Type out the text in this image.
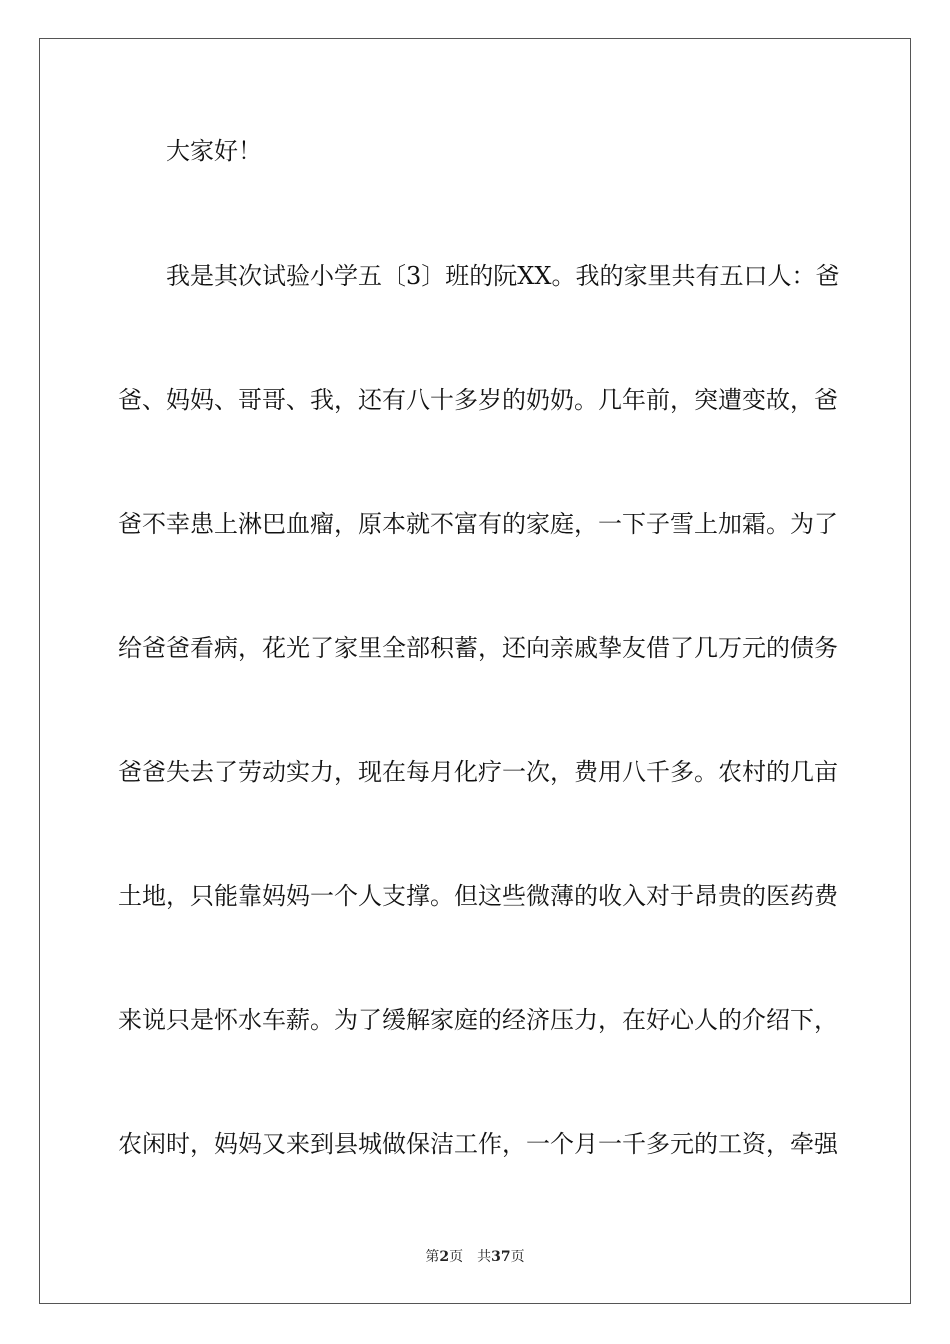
大家好！
我是其次试验小学五〔3〕班的阮XX。我的家里共有五口人：爸
爸、妈妈、哥哥、我，还有八十多岁的奶奶。几年前，突遭变故，爸
爸不幸患上淋巴血瘤，原本就不富有的家庭，一下子雪上加霜。为了
给爸爸看病，花光了家里全部积蓄，还向亲戚挚友借了几万元的债务
爸爸失去了劳动实力，现在每月化疗一次，费用八千多。农村的几亩
土地，只能靠妈妈一个人支撑。但这些微薄的收入对于昂贵的医药费
来说只是怀水车薪。为了缓解家庭的经济压力，在好心人的介绍下，
农闲时，妈妈又来到县城做保洁工作，一个月一千多元的工资，牵强
第2页 共37页
